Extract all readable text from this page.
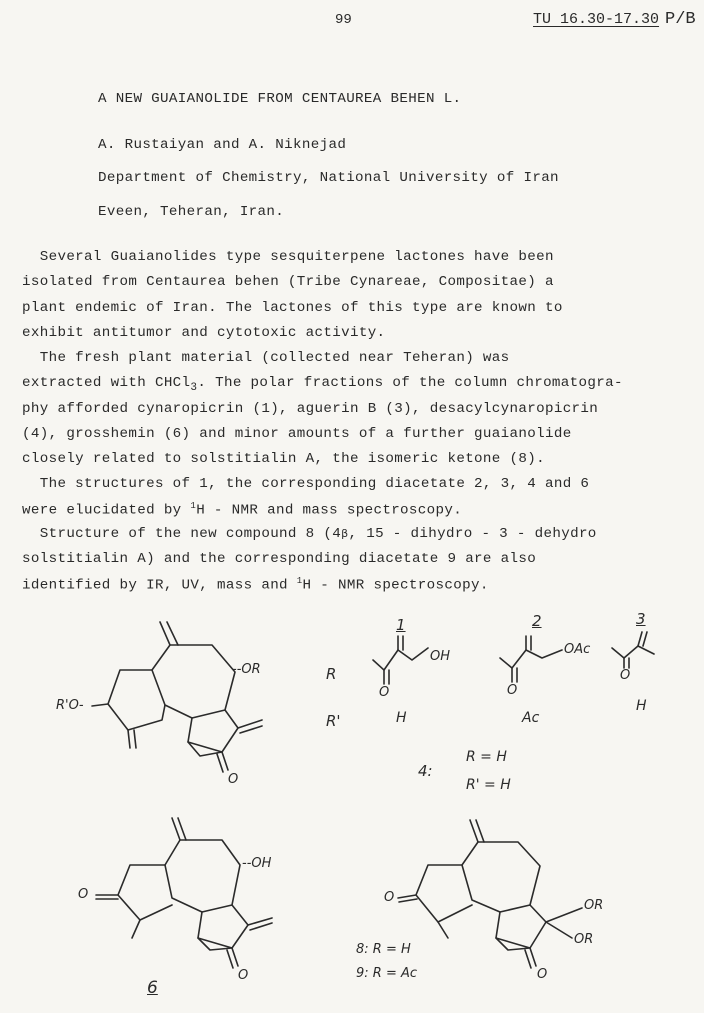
99	TU 16.30-17.30 P/B
A NEW GUAIANOLIDE FROM CENTAUREA BEHEN L.
A. Rustaiyan and A. Niknejad
Department of Chemistry, National University of Iran
Eveen, Teheran, Iran.
Several Guaianolides type sesquiterpene lactones have been
isolated from Centaurea behen (Tribe Cynareae, Compositae) a
plant endemic of Iran. The lactones of this type are known to
exhibit antitumor and cytotoxic activity.
The fresh plant material (collected near Teheran) was
extracted with CHCl$_3$. The polar fractions of the column chromatogra-
phy afforded cynaropicrin (1), aguerin B (3), desacylcynaropicrin
(4), grosshemin (6) and minor amounts of a further guaianolide
closely related to solstitialin A, the isomeric ketone (8).
The structures of 1, the corresponding diacetate 2, 3, 4 and 6
were elucidated by $^1$H - NMR and mass spectroscopy.
Structure of the new compound 8 (4β, 15 - dihydro - 3 - dehydro
solstitialin A) and the corresponding diacetate 9 are also
identified by IR, UV, mass and $^1$H - NMR spectroscopy.
--OR
R'O-
O
R
R'
1	2	3
OH	OAc
O	O
O
H	Ac
H
4:
R = H
R' = H
--OH
O
O
6
O
OR
OR
O
8: R = H
9: R = Ac
